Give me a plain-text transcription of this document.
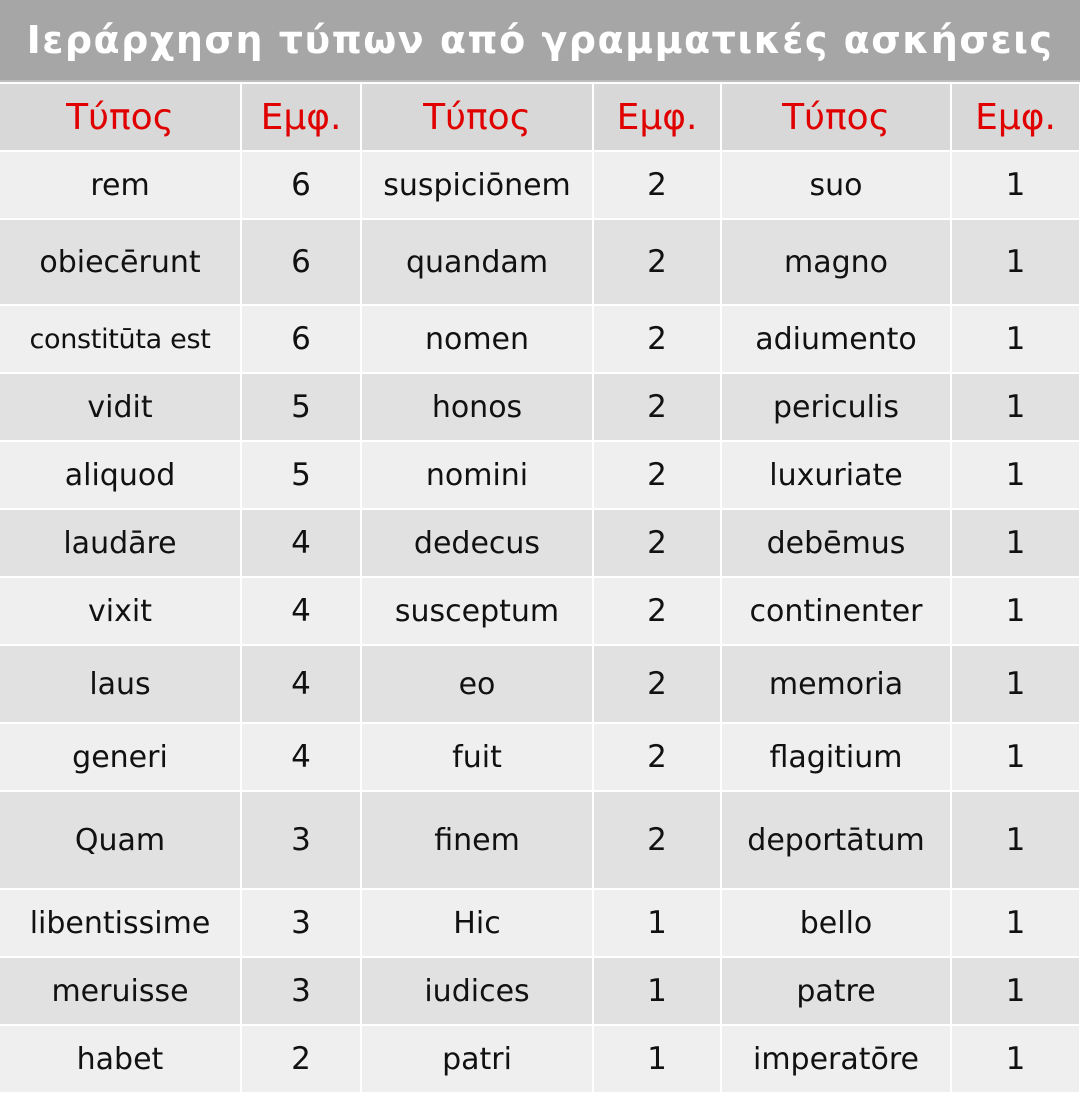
Ιεράρχηση τύπων από γραμματικές ασκήσεις
Τύπος	Εμφ.	Τύπος	Εμφ.	Τύπος	Εμφ.
rem	6	suspiciōnem	2	suo	1
obiecērunt	6	quandam	2	magno	1
constitūta est	6	nomen	2	adiumento	1
vidit	5	honos	2	periculis	1
aliquod	5	nomini	2	luxuriate	1
laudāre	4	dedecus	2	debēmus	1
vixit	4	susceptum	2	continenter	1
laus	4	eo	2	memoria	1
generi	4	fuit	2	flagitium	1
Quam	3	finem	2	deportātum	1
libentissime	3	Hic	1	bello	1
meruisse	3	iudices	1	patre	1
habet	2	patri	1	imperatōre	1
